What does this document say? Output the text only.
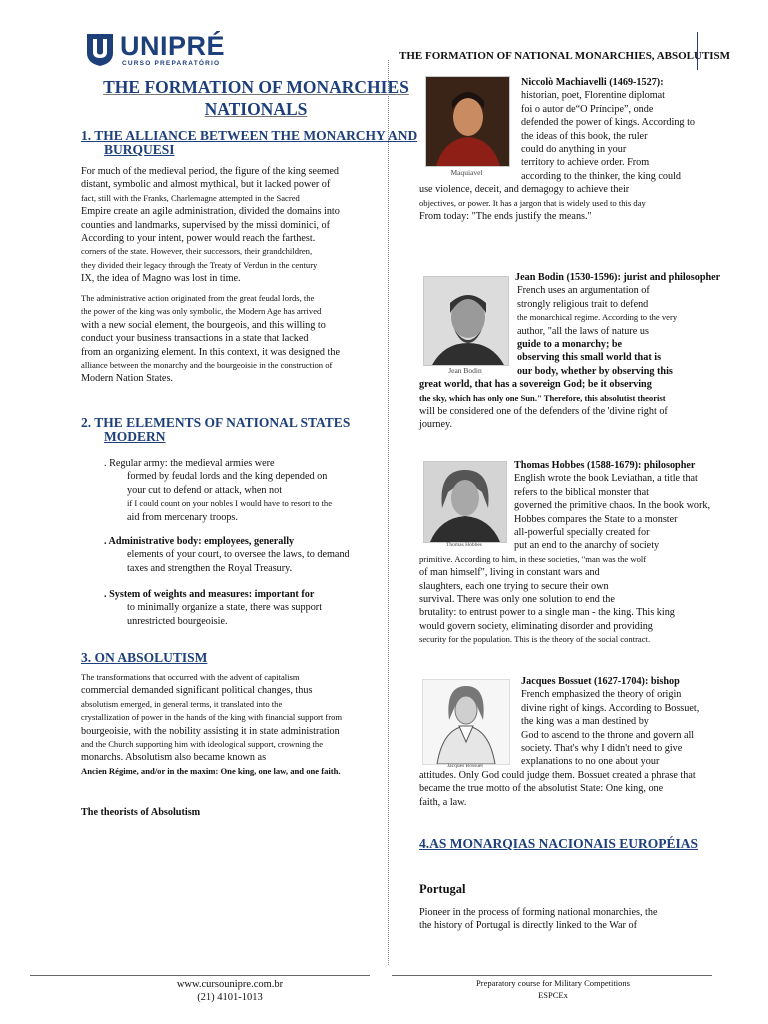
UNIPRÉ
CURSO PREPARATÓRIO
THE FORMATION OF NATIONAL MONARCHIES, ABSOLUTISM
THE FORMATION OF MONARCHIES
NATIONALS
1. THE ALLIANCE BETWEEN THE MONARCHY AND
BURQUESI
For much of the medieval period, the figure of the king seemed
distant, symbolic and almost mythical, but it lacked power of
fact, still with the Franks, Charlemagne attempted in the Sacred
Empire create an agile administration, divided the domains into
counties and landmarks, supervised by the missi dominici, of
According to your intent, power would reach the farthest.
corners of the state. However, their successors, their grandchildren,
they divided their legacy through the Treaty of Verdun in the century
IX, the idea of Magno was lost in time.
The administrative action originated from the great feudal lords, the
the power of the king was only symbolic, the Modern Age has arrived
with a new social element, the bourgeois, and this willing to
conduct your business transactions in a state that lacked
from an organizing element. In this context, it was designed the
alliance between the monarchy and the bourgeoisie in the construction of
Modern Nation States.
2. THE ELEMENTS OF NATIONAL STATES
MODERN
. Regular army: the medieval armies were
formed by feudal lords and the king depended on
your cut to defend or attack, when not
if I could count on your nobles I would have to resort to the
aid from mercenary troops.
. Administrative body: employees, generally
elements of your court, to oversee the laws, to demand
taxes and strengthen the Royal Treasury.
. System of weights and measures: important for
to minimally organize a state, there was support
unrestricted bourgeoisie.
3. ON ABSOLUTISM
The transformations that occurred with the advent of capitalism
commercial demanded significant political changes, thus
absolutism emerged, in general terms, it translated into the
crystallization of power in the hands of the king with financial support from
bourgeoisie, with the nobility assisting it in state administration
and the Church supporting him with ideological support, crowning the
monarchs. Absolutism also became known as
Ancien Régime, and/or in the maxim: One king, one law, and one faith.
The theorists of Absolutism
Maquiavel
Niccolò Machiavelli (1469-1527):
historian, poet, Florentine diplomat
foi o autor de“O Príncipe”, onde
defended the power of kings. According to
the ideas of this book, the ruler
could do anything in your
territory to achieve order. From
according to the thinker, the king could
use violence, deceit, and demagogy to achieve their
objectives, or power. It has a jargon that is widely used to this day
From today: "The ends justify the means."
Jean Bodin
Jean Bodin (1530-1596): jurist and philosopher
French uses an argumentation of
strongly religious trait to defend
the monarchical regime. According to the very
author, "all the laws of nature us
guide to a monarchy; be
observing this small world that is
our body, whether by observing this
great world, that has a sovereign God; be it observing
the sky, which has only one Sun." Therefore, this absolutist theorist
will be considered one of the defenders of the 'divine right of
journey.
Thomas Hobbes
Thomas Hobbes (1588-1679): philosopher
English wrote the book Leviathan, a title that
refers to the biblical monster that
governed the primitive chaos. In the book work,
Hobbes compares the State to a monster
all-powerful specially created for
put an end to the anarchy of society
primitive. According to him, in these societies, "man was the wolf
of man himself", living in constant wars and
slaughters, each one trying to secure their own
survival. There was only one solution to end the
brutality: to entrust power to a single man - the king. This king
would govern society, eliminating disorder and providing
security for the population. This is the theory of the social contract.
Jacques Bossuet
Jacques Bossuet (1627-1704): bishop
French emphasized the theory of origin
divine right of kings. According to Bossuet,
the king was a man destined by
God to ascend to the throne and govern all
society. That's why I didn't need to give
explanations to no one about your
attitudes. Only God could judge them. Bossuet created a phrase that
became the true motto of the absolutist State: One king, one
faith, a law.
4.AS MONARQIAS NACIONAIS EUROPÉIAS
Portugal
Pioneer in the process of forming national monarchies, the
the history of Portugal is directly linked to the War of
www.cursounipre.com.br
(21) 4101-1013
Preparatory course for Military Competitions
ESPCEx
